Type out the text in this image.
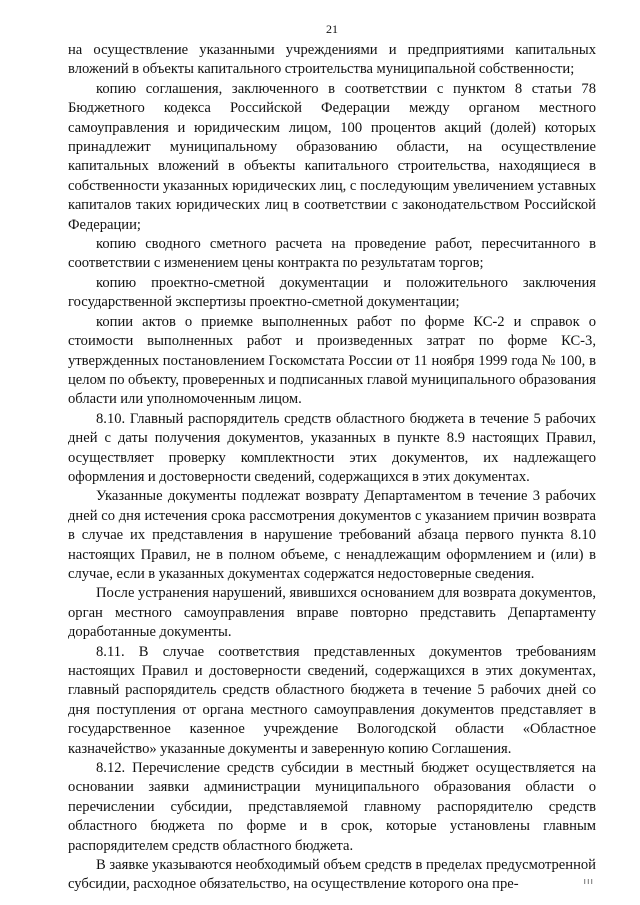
21

на осуществление указанными учреждениями и предприятиями капитальных вложений в объекты капитального строительства муниципальной собственности;

копию соглашения, заключенного в соответствии с пунктом 8 статьи 78 Бюджетного кодекса Российской Федерации между органом местного самоуправления и юридическим лицом, 100 процентов акций (долей) которых принадлежит муниципальному образованию области, на осуществление капитальных вложений в объекты капитального строительства, находящиеся в собственности указанных юридических лиц, с последующим увеличением уставных капиталов таких юридических лиц в соответствии с законодательством Российской Федерации;

копию сводного сметного расчета на проведение работ, пересчитанного в соответствии с изменением цены контракта по результатам торгов;

копию проектно-сметной документации и положительного заключения государственной экспертизы проектно-сметной документации;

копии актов о приемке выполненных работ по форме КС-2 и справок о стоимости выполненных работ и произведенных затрат по форме КС-3, утвержденных постановлением Госкомстата России от 11 ноября 1999 года № 100, в целом по объекту, проверенных и подписанных главой муниципального образования области или уполномоченным лицом.

8.10. Главный распорядитель средств областного бюджета в течение 5 рабочих дней с даты получения документов, указанных в пункте 8.9 настоящих Правил, осуществляет проверку комплектности этих документов, их надлежащего оформления и достоверности сведений, содержащихся в этих документах.

Указанные документы подлежат возврату Департаментом в течение 3 рабочих дней со дня истечения срока рассмотрения документов с указанием причин возврата в случае их представления в нарушение требований абзаца первого пункта 8.10 настоящих Правил, не в полном объеме, с ненадлежащим оформлением и (или) в случае, если в указанных документах содержатся недостоверные сведения.

После устранения нарушений, явившихся основанием для возврата документов, орган местного самоуправления вправе повторно представить Департаменту доработанные документы.

8.11. В случае соответствия представленных документов требованиям настоящих Правил и достоверности сведений, содержащихся в этих документах, главный распорядитель средств областного бюджета в течение 5 рабочих дней со дня поступления от органа местного самоуправления документов представляет в государственное казенное учреждение Вологодской области «Областное казначейство» указанные документы и заверенную копию Соглашения.

8.12. Перечисление средств субсидии в местный бюджет осуществляется на основании заявки администрации муниципального образования области о перечислении субсидии, представляемой главному распорядителю средств областного бюджета по форме и в срок, которые установлены главным распорядителем средств областного бюджета.

В заявке указываются необходимый объем средств в пределах предусмотренной субсидии, расходное обязательство, на осуществление которого она пре-	ııı
